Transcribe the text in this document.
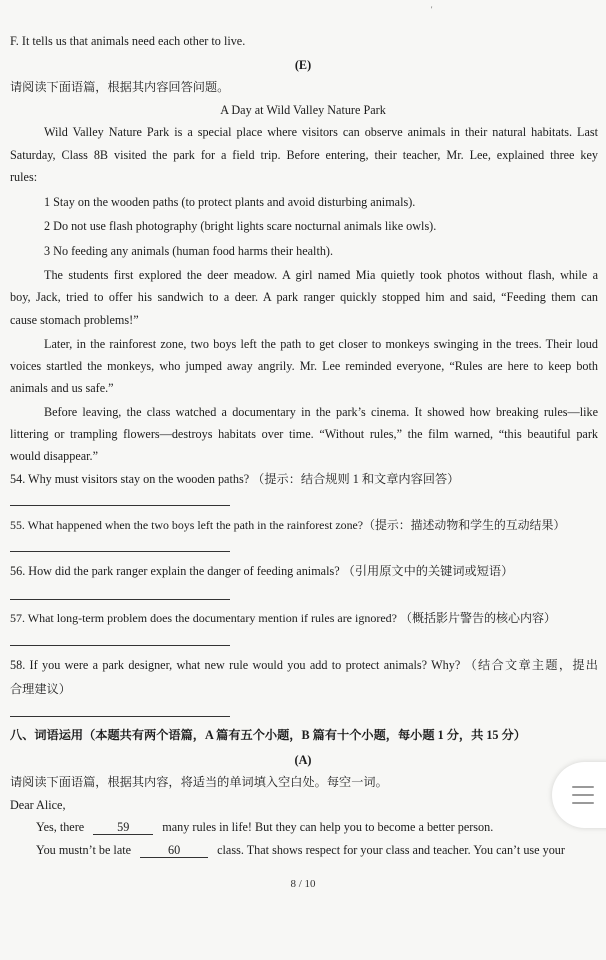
'
F. It tells us that animals need each other to live.
(E)
请阅读下面语篇，根据其内容回答问题。
A Day at Wild Valley Nature Park
Wild Valley Nature Park is a special place where visitors can observe animals in their natural habitats. Last
Saturday, Class 8B visited the park for a field trip. Before entering, their teacher, Mr. Lee, explained three key
rules:
1 Stay on the wooden paths (to protect plants and avoid disturbing animals).
2 Do not use flash photography (bright lights scare nocturnal animals like owls).
3 No feeding any animals (human food harms their health).
The students first explored the deer meadow. A girl named Mia quietly took photos without flash, while a
boy, Jack, tried to offer his sandwich to a deer. A park ranger quickly stopped him and said, “Feeding them can
cause stomach problems!”
Later, in the rainforest zone, two boys left the path to get closer to monkeys swinging in the trees. Their loud
voices startled the monkeys, who jumped away angrily. Mr. Lee reminded everyone, “Rules are here to keep both
animals and us safe.”
Before leaving, the class watched a documentary in the park’s cinema. It showed how breaking rules—like
littering or trampling flowers—destroys habitats over time. “Without rules,” the film warned, “this beautiful park
would disappear.”
54. Why must visitors stay on the wooden paths? （提示：结合规则 1 和文章内容回答）
55. What happened when the two boys left the path in the rainforest zone?（提示：描述动物和学生的互动结果）
56. How did the park ranger explain the danger of feeding animals? （引用原文中的关键词或短语）
57. What long-term problem does the documentary mention if rules are ignored? （概括影片警告的核心内容）
58. If you were a park designer, what new rule would you add to protect animals? Why? （结合文章主题，提出
合理建议）
八、词语运用（本题共有两个语篇，A 篇有五个小题，B 篇有十个小题，每小题 1 分，共 15 分）
(A)
请阅读下面语篇，根据其内容，将适当的单词填入空白处。每空一词。
Dear Alice,
Yes, there	59	many rules in life! But they can help you to become a better person.
You mustn’t be late	60	class. That shows respect for your class and teacher. You can’t use your
8 / 10
